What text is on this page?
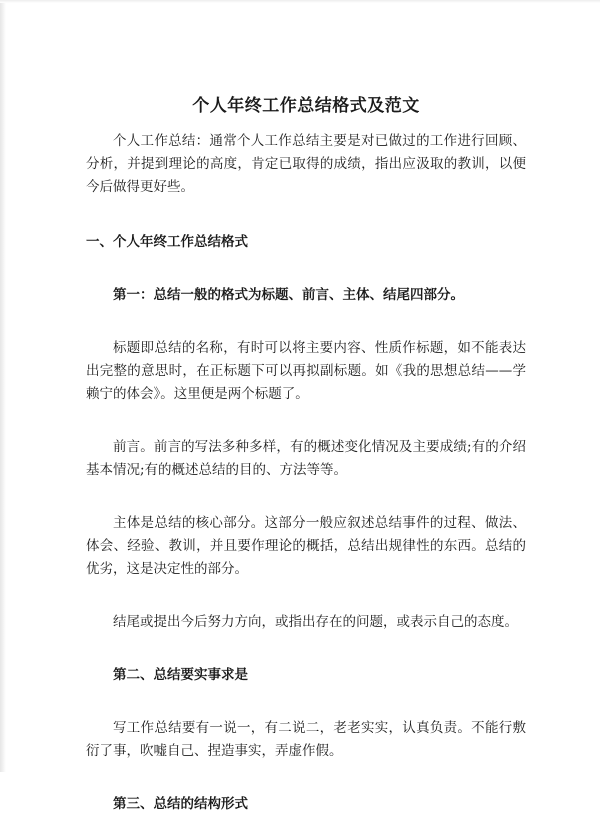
个人年终工作总结格式及范文

个人工作总结：通常个人工作总结主要是对已做过的工作进行回顾、分析，并提到理论的高度，肯定已取得的成绩，指出应汲取的教训，以便今后做得更好些。

一、个人年终工作总结格式

第一：总结一般的格式为标题、前言、主体、结尾四部分。

标题即总结的名称，有时可以将主要内容、性质作标题，如不能表达出完整的意思时，在正标题下可以再拟副标题。如《我的思想总结——学赖宁的体会》。这里便是两个标题了。

前言。前言的写法多种多样，有的概述变化情况及主要成绩;有的介绍基本情况;有的概述总结的目的、方法等等。

主体是总结的核心部分。这部分一般应叙述总结事件的过程、做法、体会、经验、教训，并且要作理论的概括，总结出规律性的东西。总结的优劣，这是决定性的部分。

结尾或提出今后努力方向，或指出存在的问题，或表示自己的态度。

第二、总结要实事求是

写工作总结要有一说一，有二说二，老老实实，认真负责。不能行敷衍了事，吹嘘自己、捏造事实，弄虚作假。

第三、总结的结构形式
